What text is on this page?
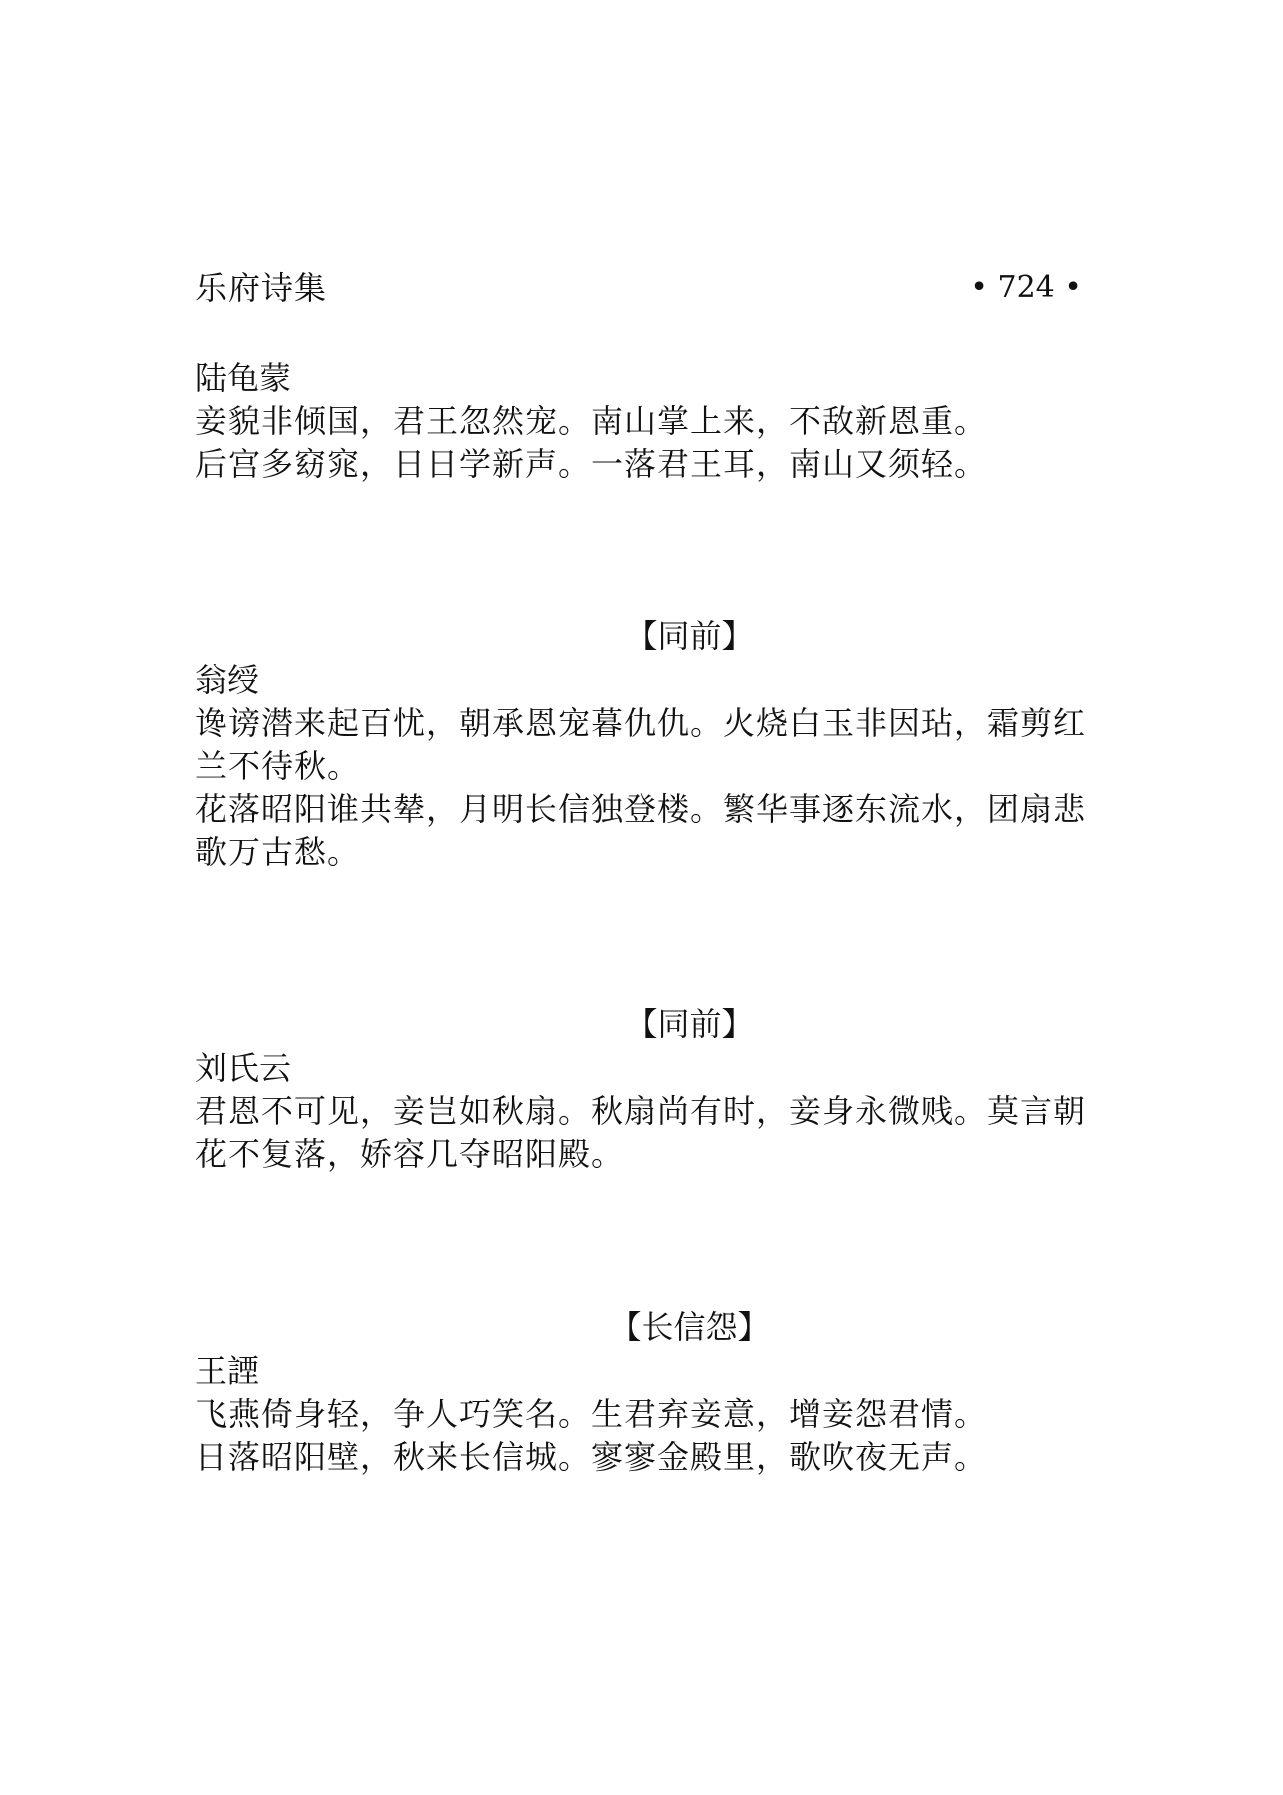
乐府诗集	• 724 •
陆龟蒙

妾貌非倾国，君王忽然宠。南山掌上来，不敌新恩重。

后宫多窈窕，日日学新声。一落君王耳，南山又须轻。

【同前】
翁绶

谗谤潜来起百忧，朝承恩宠暮仇仇。火烧白玉非因玷，霜剪红兰不待秋。

花落昭阳谁共辇，月明长信独登楼。繁华事逐东流水，团扇悲歌万古愁。

【同前】
刘氏云

君恩不可见，妾岂如秋扇。秋扇尚有时，妾身永微贱。莫言朝花不复落，娇容几夺昭阳殿。

【长信怨】
王諲

飞燕倚身轻，争人巧笑名。生君弃妾意，增妾怨君情。

日落昭阳壁，秋来长信城。寥寥金殿里，歌吹夜无声。
